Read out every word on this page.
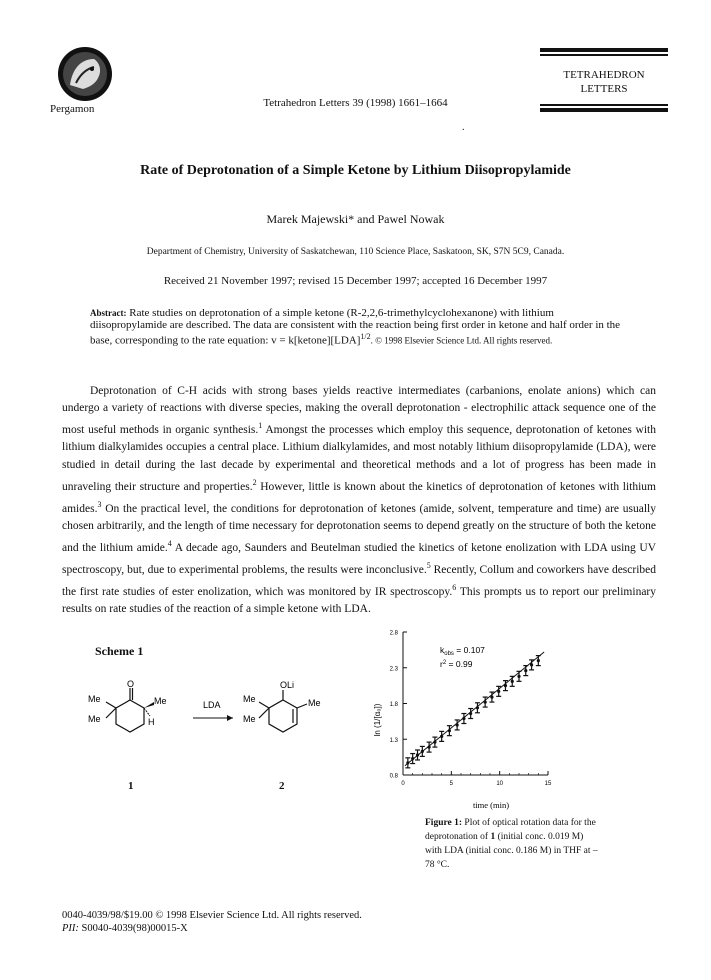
Pergamon	Tetrahedron Letters 39 (1998) 1661–1664
TETRAHEDRON
LETTERS
.
Rate of Deprotonation of a Simple Ketone by Lithium Diisopropylamide
Marek Majewski* and Pawel Nowak
Department of Chemistry, University of Saskatchewan, 110 Science Place, Saskatoon, SK, S7N 5C9, Canada.
Received 21 November 1997; revised 15 December 1997; accepted 16 December 1997
Abstract: Rate studies on deprotonation of a simple ketone (R-2,2,6-trimethylcyclohexanone) with lithium diisopropylamide are described. The data are consistent with the reaction being first order in ketone and half order in the base, corresponding to the rate equation: v = k[ketone][LDA]$^{1/2}$. © 1998 Elsevier Science Ltd. All rights reserved.
Deprotonation of C-H acids with strong bases yields reactive intermediates (carbanions, enolate anions) which can undergo a variety of reactions with diverse species, making the overall deprotonation - electrophilic attack sequence one of the most useful methods in organic synthesis.$^1$ Amongst the processes which employ this sequence, deprotonation of ketones with lithium dialkylamides occupies a central place. Lithium dialkylamides, and most notably lithium diisopropylamide (LDA), were studied in detail during the last decade by experimental and theoretical methods and a lot of progress has been made in unraveling their structure and properties.$^2$ However, little is known about the kinetics of deprotonation of ketones with lithium amides.$^3$ On the practical level, the conditions for deprotonation of ketones (amide, solvent, temperature and time) are usually chosen arbitrarily, and the length of time necessary for deprotonation seems to depend greatly on the structure of both the ketone and the lithium amide.$^4$ A decade ago, Saunders and Beutelman studied the kinetics of ketone enolization with LDA using UV spectroscopy, but, due to experimental problems, the results were inconclusive.$^5$ Recently, Collum and coworkers have described the first rate studies of ester enolization, which was monitored by IR spectroscopy.$^6$ This prompts us to report our preliminary results on rate studies of the reaction of a simple ketone with LDA.
Scheme 1
O
Me
Me
Me
H
LDA
OLi
Me
Me
Me
1	2
0.8
1.3
1.8
2.3
2.8
0	5	10	15
ln (1/[α₀])
time (min)
$k_{obs} = 0.107$
$r^2 = 0.99$
Figure 1: Plot of optical rotation data for the
deprotonation of 1 (initial conc. 0.019 M)
with LDA (initial conc. 0.186 M) in THF at –78 °C.
0040-4039/98/$19.00 © 1998 Elsevier Science Ltd. All rights reserved.
PII: S0040-4039(98)00015-X
